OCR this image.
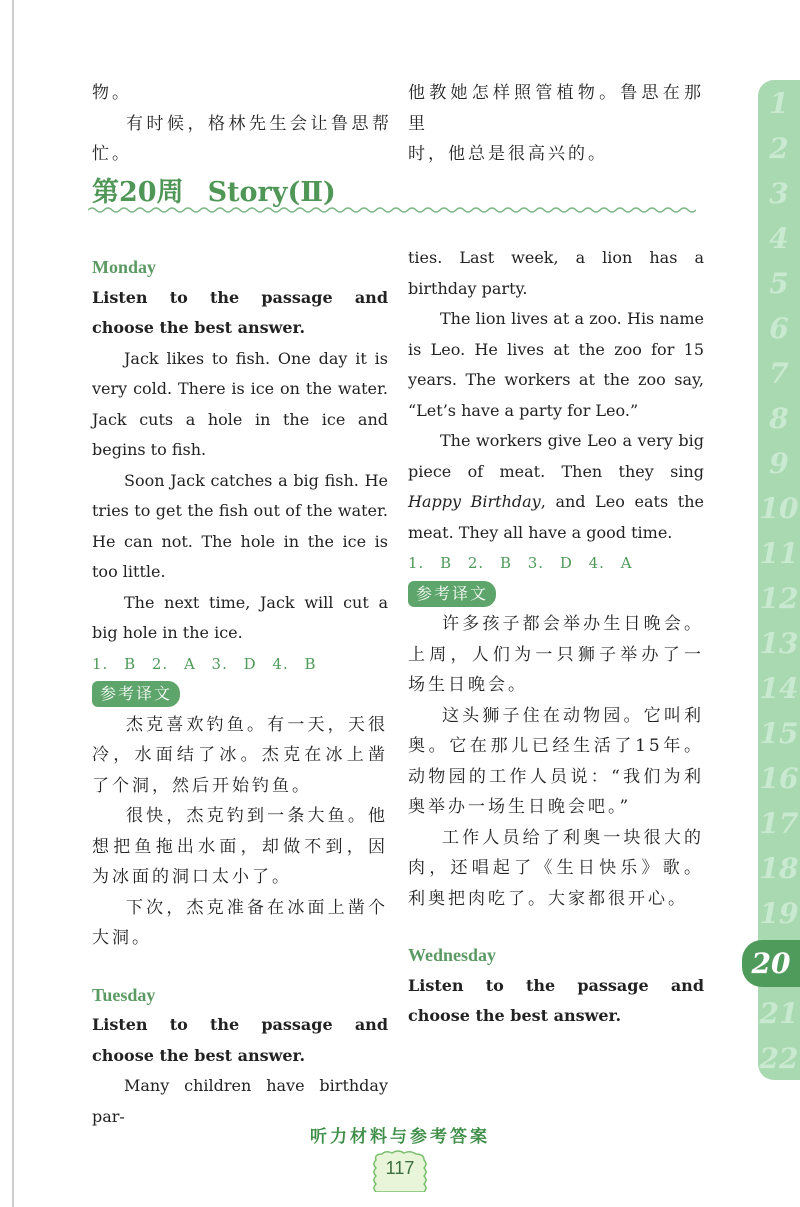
物。

有时候，格林先生会让鲁思帮忙。

他教她怎样照管植物。鲁思在那里

时，他总是很高兴的。

第20周 Story(Ⅱ)

Monday

Listen to the passage and choose the best answer.

Jack likes to fish. One day it is very cold. There is ice on the water. Jack cuts a hole in the ice and begins to fish.

Soon Jack catches a big fish. He tries to get the fish out of the water. He can not. The hole in the ice is too little.

The next time, Jack will cut a big hole in the ice.

1. B 2. A 3. D 4. B

参考译文

杰克喜欢钓鱼。有一天，天很冷，水面结了冰。杰克在冰上凿了个洞，然后开始钓鱼。

很快，杰克钓到一条大鱼。他想把鱼拖出水面，却做不到，因为冰面的洞口太小了。

下次，杰克准备在冰面上凿个大洞。

Tuesday

Listen to the passage and choose the best answer.

Many children have birthday par-

ties. Last week, a lion has a birthday party.

The lion lives at a zoo. His name is Leo. He lives at the zoo for 15 years. The workers at the zoo say, “Let’s have a party for Leo.”

The workers give Leo a very big piece of meat. Then they sing Happy Birthday, and Leo eats the meat. They all have a good time.

1. B 2. B 3. D 4. A

参考译文

许多孩子都会举办生日晚会。上周，人们为一只狮子举办了一场生日晚会。

这头狮子住在动物园。它叫利奥。它在那儿已经生活了15年。动物园的工作人员说：“我们为利奥举办一场生日晚会吧。”

工作人员给了利奥一块很大的肉，还唱起了《生日快乐》歌。利奥把肉吃了。大家都很开心。

Wednesday

Listen to the passage and choose the best answer.

1
2
3
4
5
6
7
8
9
10
11
12
13
14
15
16
17
18
19
20
21
22
听力材料与参考答案
117
